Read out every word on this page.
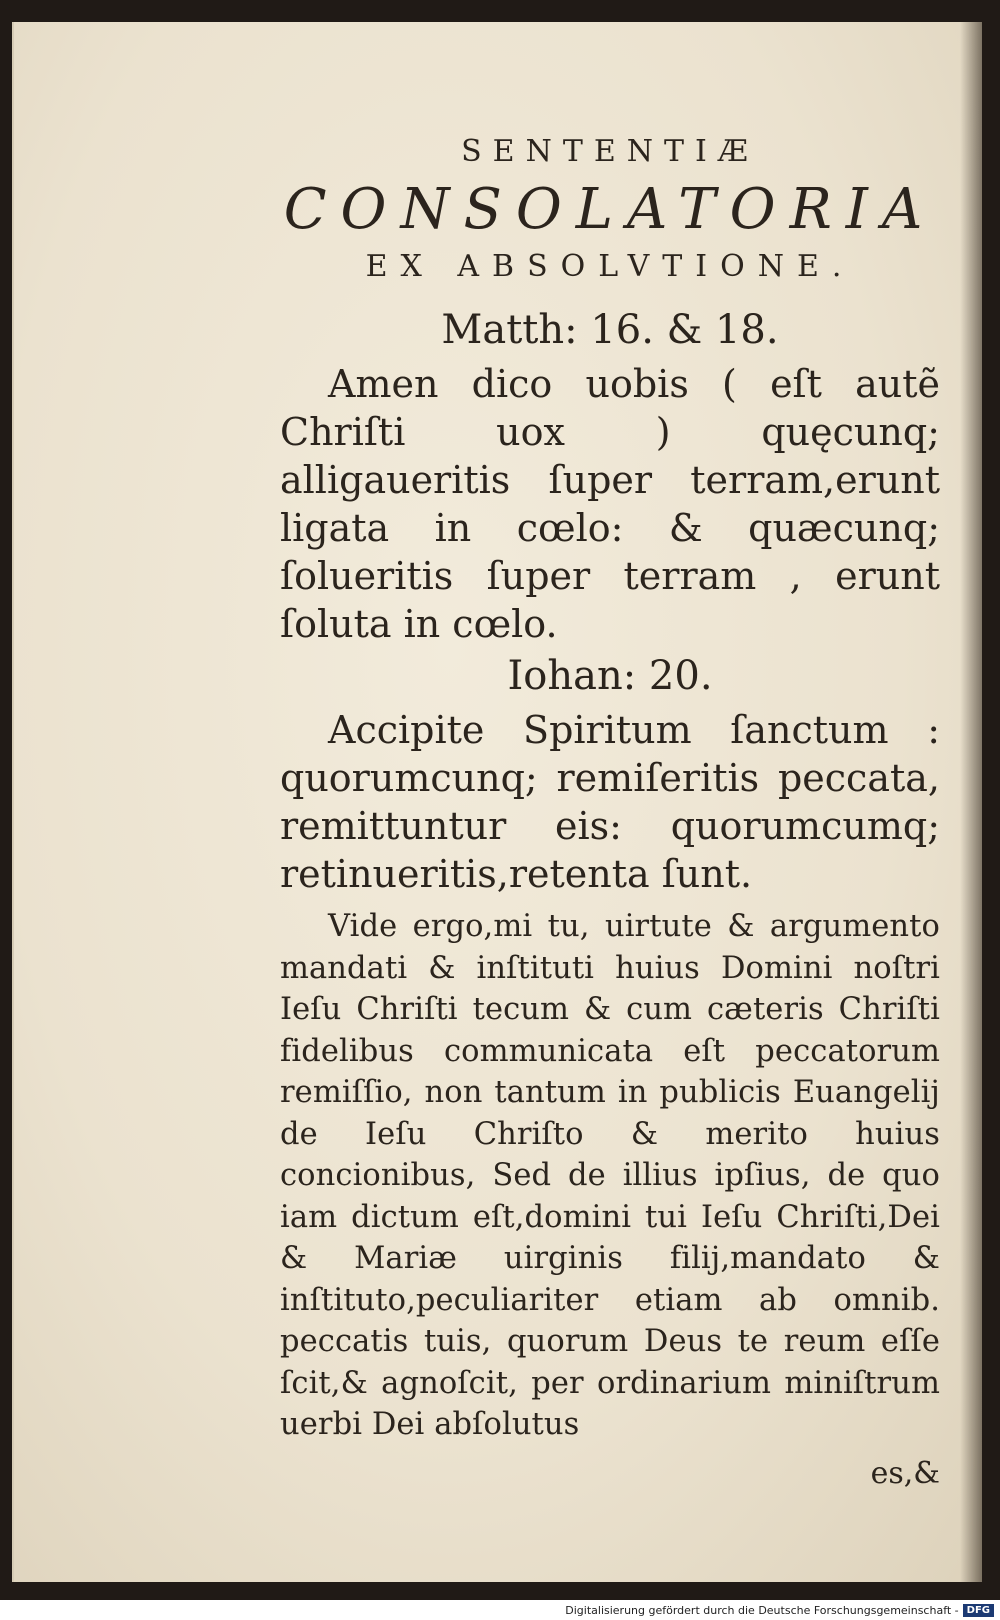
SENTENTIÆ
CONSOLATORIA
EX ABSOLVTIONE.
Matth: 16. & 18.

Amen dico uobis ( eſt autẽ Chriſti uox ) quęcunq; alligaueritis ſuper terram,erunt ligata in cœlo: & quæcunq; ſolueritis ſuper terram , erunt ſoluta in cœlo.

Iohan: 20.

Accipite Spiritum ſanctum : quorumcunq; remiſeritis peccata, remittuntur eis: quorumcumq; retinueritis,retenta ſunt.

Vide ergo,mi tu, uirtute & argumento mandati & inſtituti huius Domini noſtri Ieſu Chriſti tecum & cum cæteris Chriſti fidelibus communicata eſt peccatorum remiſſio, non tantum in publicis Euangelij de Ieſu Chriſto & merito huius concionibus, Sed de illius ipſius, de quo iam dictum eſt,domini tui Ieſu Chriſti,Dei & Mariæ uirginis filij,mandato & inſtituto,peculiariter etiam ab omnib. peccatis tuis, quorum Deus te reum eſſe ſcit,& agnoſcit, per ordinarium miniſtrum uerbi Dei abſolutus

es,&
Digitalisierung gefördert durch die Deutsche Forschungsgemeinschaft - DFG
